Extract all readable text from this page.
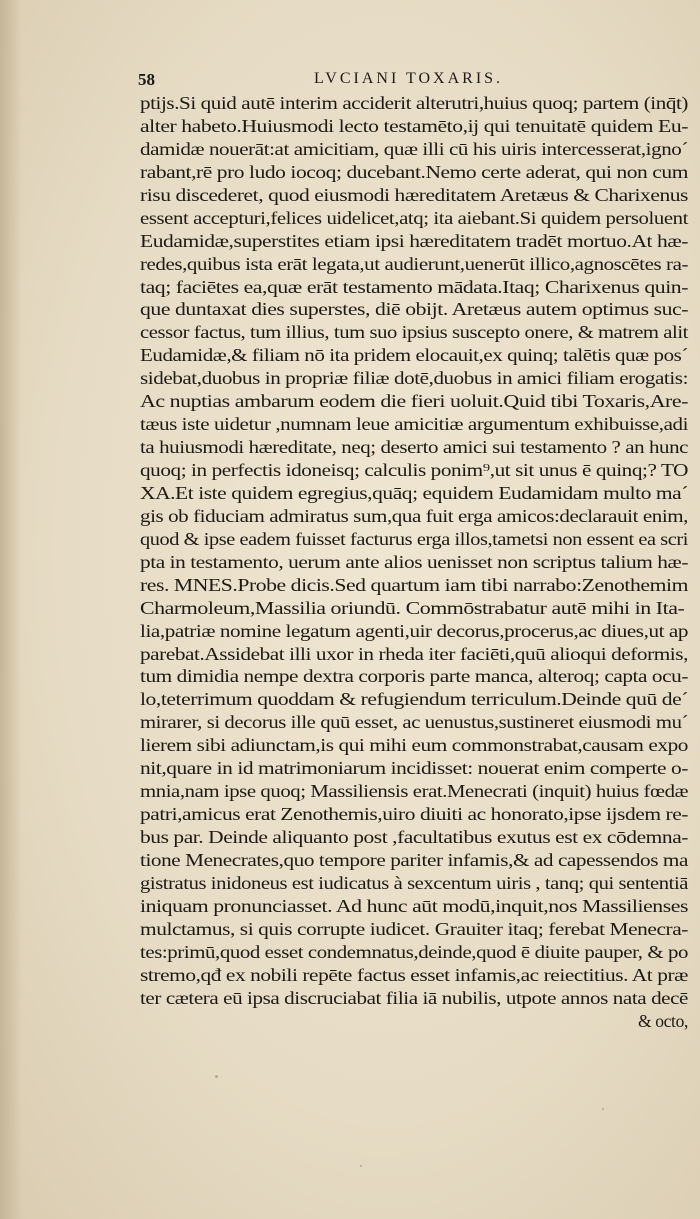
58	LVCIANI TOXARIS.
ptijs.Si quid autē interim acciderit alterutri,huius quoq; partem (inq̄t)
alter habeto.Huiusmodi lecto testamēto,ij qui tenuitatē quidem Eu-
damidæ nouerāt:at amicitiam, quæ illi cū his uiris intercesserat,ignoˊ
rabant,rē pro ludo iocoq; ducebant.Nemo certe aderat, qui non cum
risu discederet, quod eiusmodi hæreditatem Aretæus & Charixenus
essent accepturi,felices uidelicet,atq; ita aiebant.Si quidem persoluent
Eudamidæ,superstites etiam ipsi hæreditatem tradēt mortuo.At hæ-
redes,quibus ista erāt legata,ut audierunt,uenerūt illico,agnoscētes ra-
taq; faciētes ea,quæ erāt testamento mādata.Itaq; Charixenus quin-
que duntaxat dies superstes, diē obijt. Aretæus autem optimus suc-
cessor factus, tum illius, tum suo ipsius suscepto onere, & matrem alit
Eudamidæ,& filiam nō ita pridem elocauit,ex quinq; talētis quæ posˊ
sidebat,duobus in propriæ filiæ dotē,duobus in amici filiam erogatis:
Ac nuptias ambarum eodem die fieri uoluit.Quid tibi Toxaris,Are-
tæus iste uidetur ,numnam leue amicitiæ argumentum exhibuisse,adi
ta huiusmodi hæreditate, neq; deserto amici sui testamento ? an hunc
quoq; in perfectis idoneisq; calculis ponim⁹,ut sit unus ē quinq;? TO
XA.Et iste quidem egregius,quāq; equidem Eudamidam multo maˊ
gis ob fiduciam admiratus sum,qua fuit erga amicos:declarauit enim,
quod & ipse eadem fuisset facturus erga illos,tametsi non essent ea scri
pta in testamento, uerum ante alios uenisset non scriptus talium hæ-
res. MNES.Probe dicis.Sed quartum iam tibi narrabo:Zenothemim
Charmoleum,Massilia oriundū. Commōstrabatur autē mihi in Ita-
lia,patriæ nomine legatum agenti,uir decorus,procerus,ac diues,ut ap
parebat.Assidebat illi uxor in rheda iter faciēti,quū alioqui deformis,
tum dimidia nempe dextra corporis parte manca, alteroq; capta ocu-
lo,teterrimum quoddam & refugiendum terriculum.Deinde quū deˊ
mirarer, si decorus ille quū esset, ac uenustus,sustineret eiusmodi muˊ
lierem sibi adiunctam,is qui mihi eum commonstrabat,causam expo
nit,quare in id matrimoniarum incidisset: nouerat enim comperte o-
mnia,nam ipse quoq; Massiliensis erat.Menecrati (inquit) huius fœdæ
patri,amicus erat Zenothemis,uiro diuiti ac honorato,ipse ijsdem re-
bus par. Deinde aliquanto post ,facultatibus exutus est ex cōdemna-
tione Menecrates,quo tempore pariter infamis,& ad capessendos ma
gistratus inidoneus est iudicatus à sexcentum uiris , tanq; qui sententiā
iniquam pronunciasset. Ad hunc aūt modū,inquit,nos Massilienses
mulctamus, si quis corrupte iudicet. Grauiter itaq; ferebat Menecra-
tes:primū,quod esset condemnatus,deinde,quod ē diuite pauper, & po
stremo,qđ ex nobili repēte factus esset infamis,ac reiectitius. At præ
ter cætera eū ipsa discruciabat filia iā nubilis, utpote annos nata decē
& octo,
